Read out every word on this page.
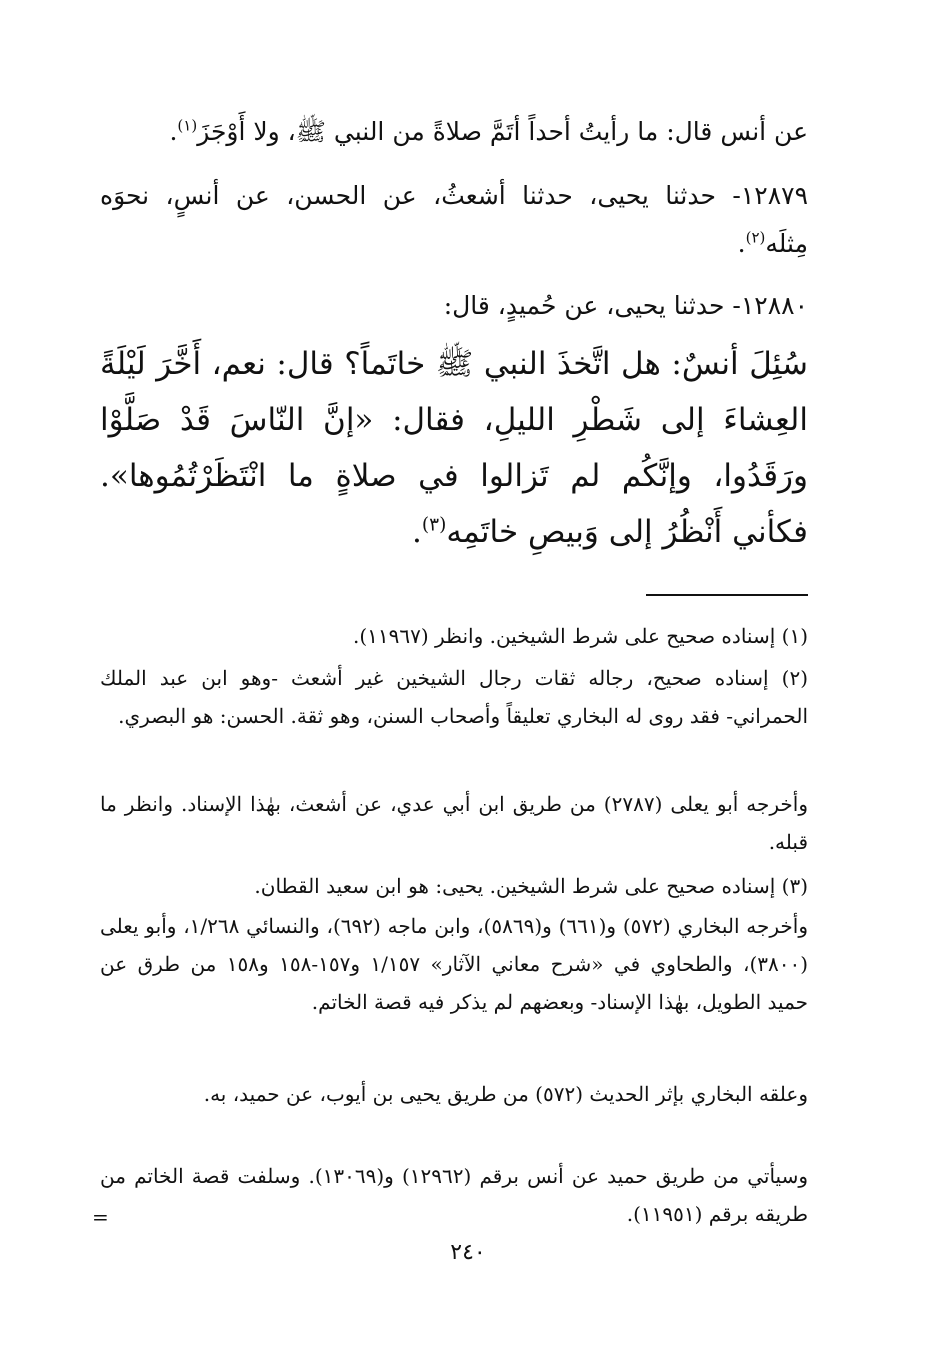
عن أنس قال: ما رأيتُ أحداً أتَمَّ صلاةً من النبي ﷺ، ولا أَوْجَزَ$^{(١)}$.
١٢٨٧٩- حدثنا يحيى، حدثنا أشعثُ، عن الحسن، عن أنسٍ، نحوَه مِثلَه$^{(٢)}$.
١٢٨٨٠- حدثنا يحيى، عن حُميدٍ، قال:
سُئِلَ أنسٌ: هل اتَّخذَ النبي ﷺ خاتَماً؟ قال: نعم، أَخَّرَ لَيْلَةً العِشاءَ إلى شَطْرِ الليلِ، فقال: «إنَّ النّاسَ قَدْ صَلَّوْا ورَقَدُوا، وإنَّكُم لم تَزالوا في صلاةٍ ما انْتَظَرْتُمُوها». فكأني أَنْظُرُ إلى وَبيصِ خاتَمِه$^{(٣)}$.
(١) إسناده صحيح على شرط الشيخين. وانظر (١١٩٦٧).
(٢) إسناده صحيح، رجاله ثقات رجال الشيخين غير أشعث -وهو ابن عبد الملك الحمراني- فقد روى له البخاري تعليقاً وأصحاب السنن، وهو ثقة. الحسن: هو البصري.
وأخرجه أبو يعلى (٢٧٨٧) من طريق ابن أبي عدي، عن أشعث، بهٰذا الإسناد. وانظر ما قبله.
(٣) إسناده صحيح على شرط الشيخين. يحيى: هو ابن سعيد القطان.
وأخرجه البخاري (٥٧٢) و(٦٦١) و(٥٨٦٩)، وابن ماجه (٦٩٢)، والنسائي ١/٢٦٨، وأبو يعلى (٣٨٠٠)، والطحاوي في «شرح معاني الآثار» ١/١٥٧ و١٥٧-١٥٨ و١٥٨ من طرق عن حميد الطويل، بهٰذا الإسناد- وبعضهم لم يذكر فيه قصة الخاتم.
وعلقه البخاري بإثر الحديث (٥٧٢) من طريق يحيى بن أيوب، عن حميد، به.
وسيأتي من طريق حميد عن أنس برقم (١٢٩٦٢) و(١٣٠٦٩). وسلفت قصة الخاتم من طريقه برقم (١١٩٥١).
=
٢٤٠
